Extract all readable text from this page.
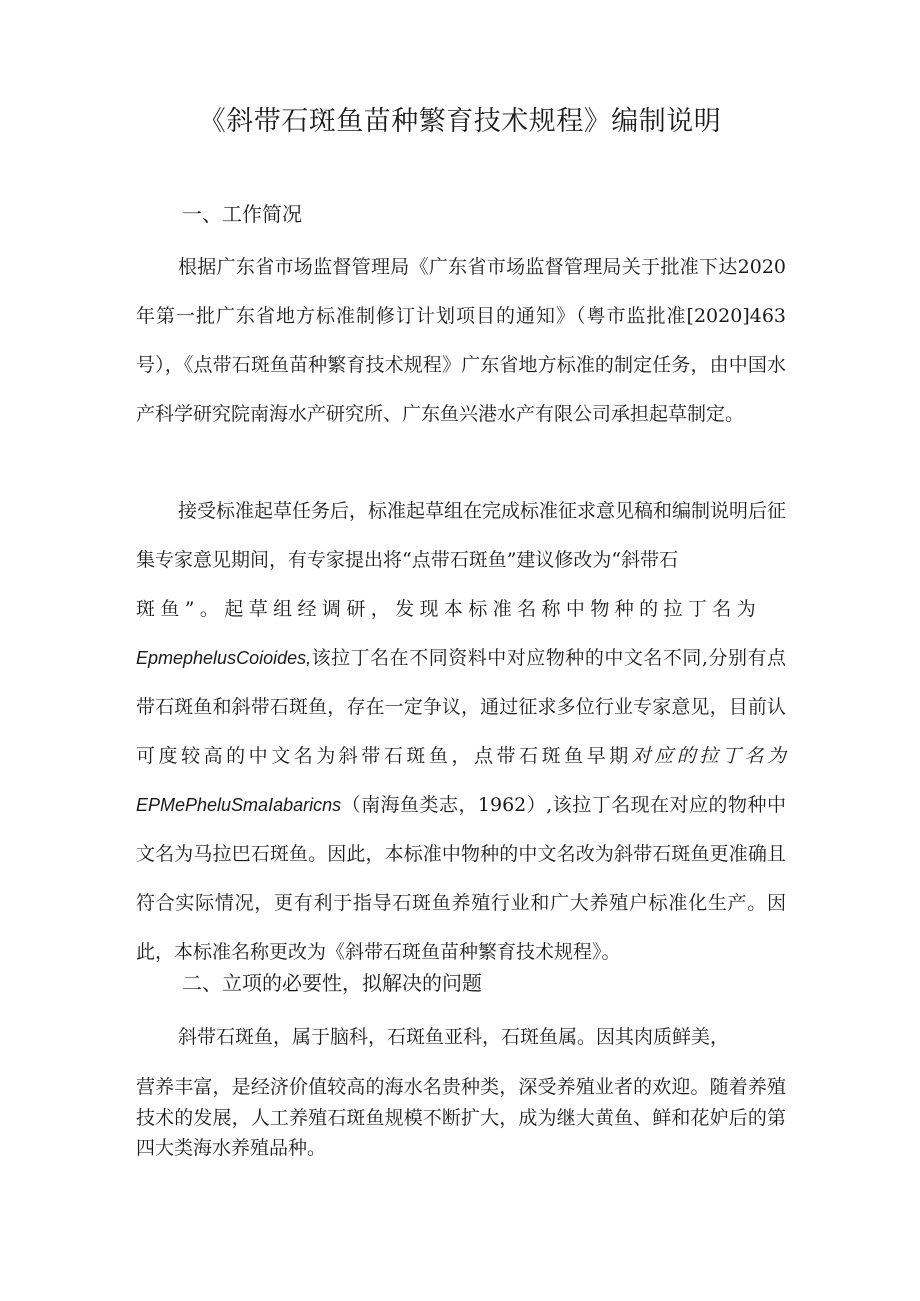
《斜带石斑鱼苗种繁育技术规程》编制说明
一、工作简况
根据广东省市场监督管理局《广东省市场监督管理局关于批准下达2020年第一批广东省地方标准制修订计划项目的通知》（粤市监批准[2020]463号），《点带石斑鱼苗种繁育技术规程》广东省地方标准的制定任务，由中国水产科学研究院南海水产研究所、广东鱼兴港水产有限公司承担起草制定。
接受标准起草任务后，标准起草组在完成标准征求意见稿和编制说明后征集专家意见期间，有专家提出将“点带石斑鱼”建议修改为“斜带石
斑鱼”。起草组经调研，发现本标准名称中物种的拉丁名为
EpmephelusCoioides,该拉丁名在不同资料中对应物种的中文名不同,分别有点带石斑鱼和斜带石斑鱼，存在一定争议，通过征求多位行业专家意见，目前认可度较高的中文名为斜带石斑鱼，点带石斑鱼早期对应的拉丁名为EPMePheluSmaIabaricns（南海鱼类志，1962）,该拉丁名现在对应的物种中文名为马拉巴石斑鱼。因此，本标准中物种的中文名改为斜带石斑鱼更准确且符合实际情况，更有利于指导石斑鱼养殖行业和广大养殖户标准化生产。因此，本标准名称更改为《斜带石斑鱼苗种繁育技术规程》。
二、立项的必要性，拟解决的问题
斜带石斑鱼，属于脑科，石斑鱼亚科，石斑鱼属。因其肉质鲜美，
营养丰富，是经济价值较高的海水名贵种类，深受养殖业者的欢迎。随着养殖技术的发展，人工养殖石斑鱼规模不断扩大，成为继大黄鱼、鲜和花妒后的第四大类海水养殖品种。
